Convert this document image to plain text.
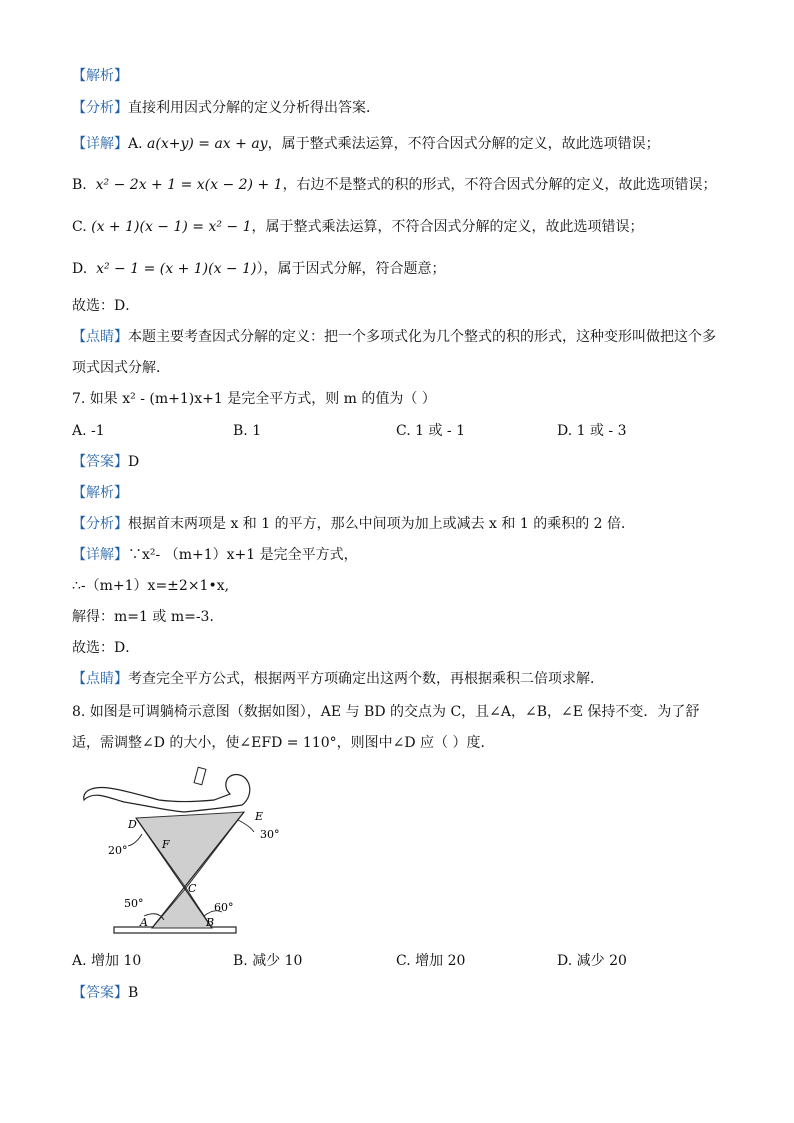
【解析】
【分析】直接利用因式分解的定义分析得出答案．
【详解】A. a(x+y) = ax + ay，属于整式乘法运算，不符合因式分解的定义，故此选项错误；
B. x² − 2x + 1 = x(x − 2) + 1，右边不是整式的积的形式，不符合因式分解的定义，故此选项错误；
C. (x + 1)(x − 1) = x² − 1，属于整式乘法运算，不符合因式分解的定义，故此选项错误；
D. x² − 1 = (x + 1)(x − 1)），属于因式分解，符合题意；
故选：D．
【点睛】本题主要考查因式分解的定义：把一个多项式化为几个整式的积的形式，这种变形叫做把这个多
项式因式分解．
7. 如果 x² - (m+1)x+1 是完全平方式，则 m 的值为（ ）
A. ‐1	B. 1	C. 1 或 ‐ 1	D. 1 或 ‐ 3
【答案】D
【解析】
【分析】根据首末两项是 x 和 1 的平方，那么中间项为加上或减去 x 和 1 的乘积的 2 倍．
【详解】∵x²- （m+1）x+1 是完全平方式，
∴-（m+1）x=±2×1•x,
解得：m=1 或 m=-3．
故选：D．
【点睛】考查完全平方公式，根据两平方项确定出这两个数，再根据乘积二倍项求解．
8. 如图是可调躺椅示意图（数据如图），AE 与 BD 的交点为 C，且∠A，∠B，∠E 保持不变．为了舒
适，需调整∠D 的大小，使∠EFD = 110°，则图中∠D 应（ ）度．
D
E
F
C
A	B
20°
30°
50°	60°
A. 增加 10	B. 减少 10	C. 增加 20	D. 减少 20
【答案】B
